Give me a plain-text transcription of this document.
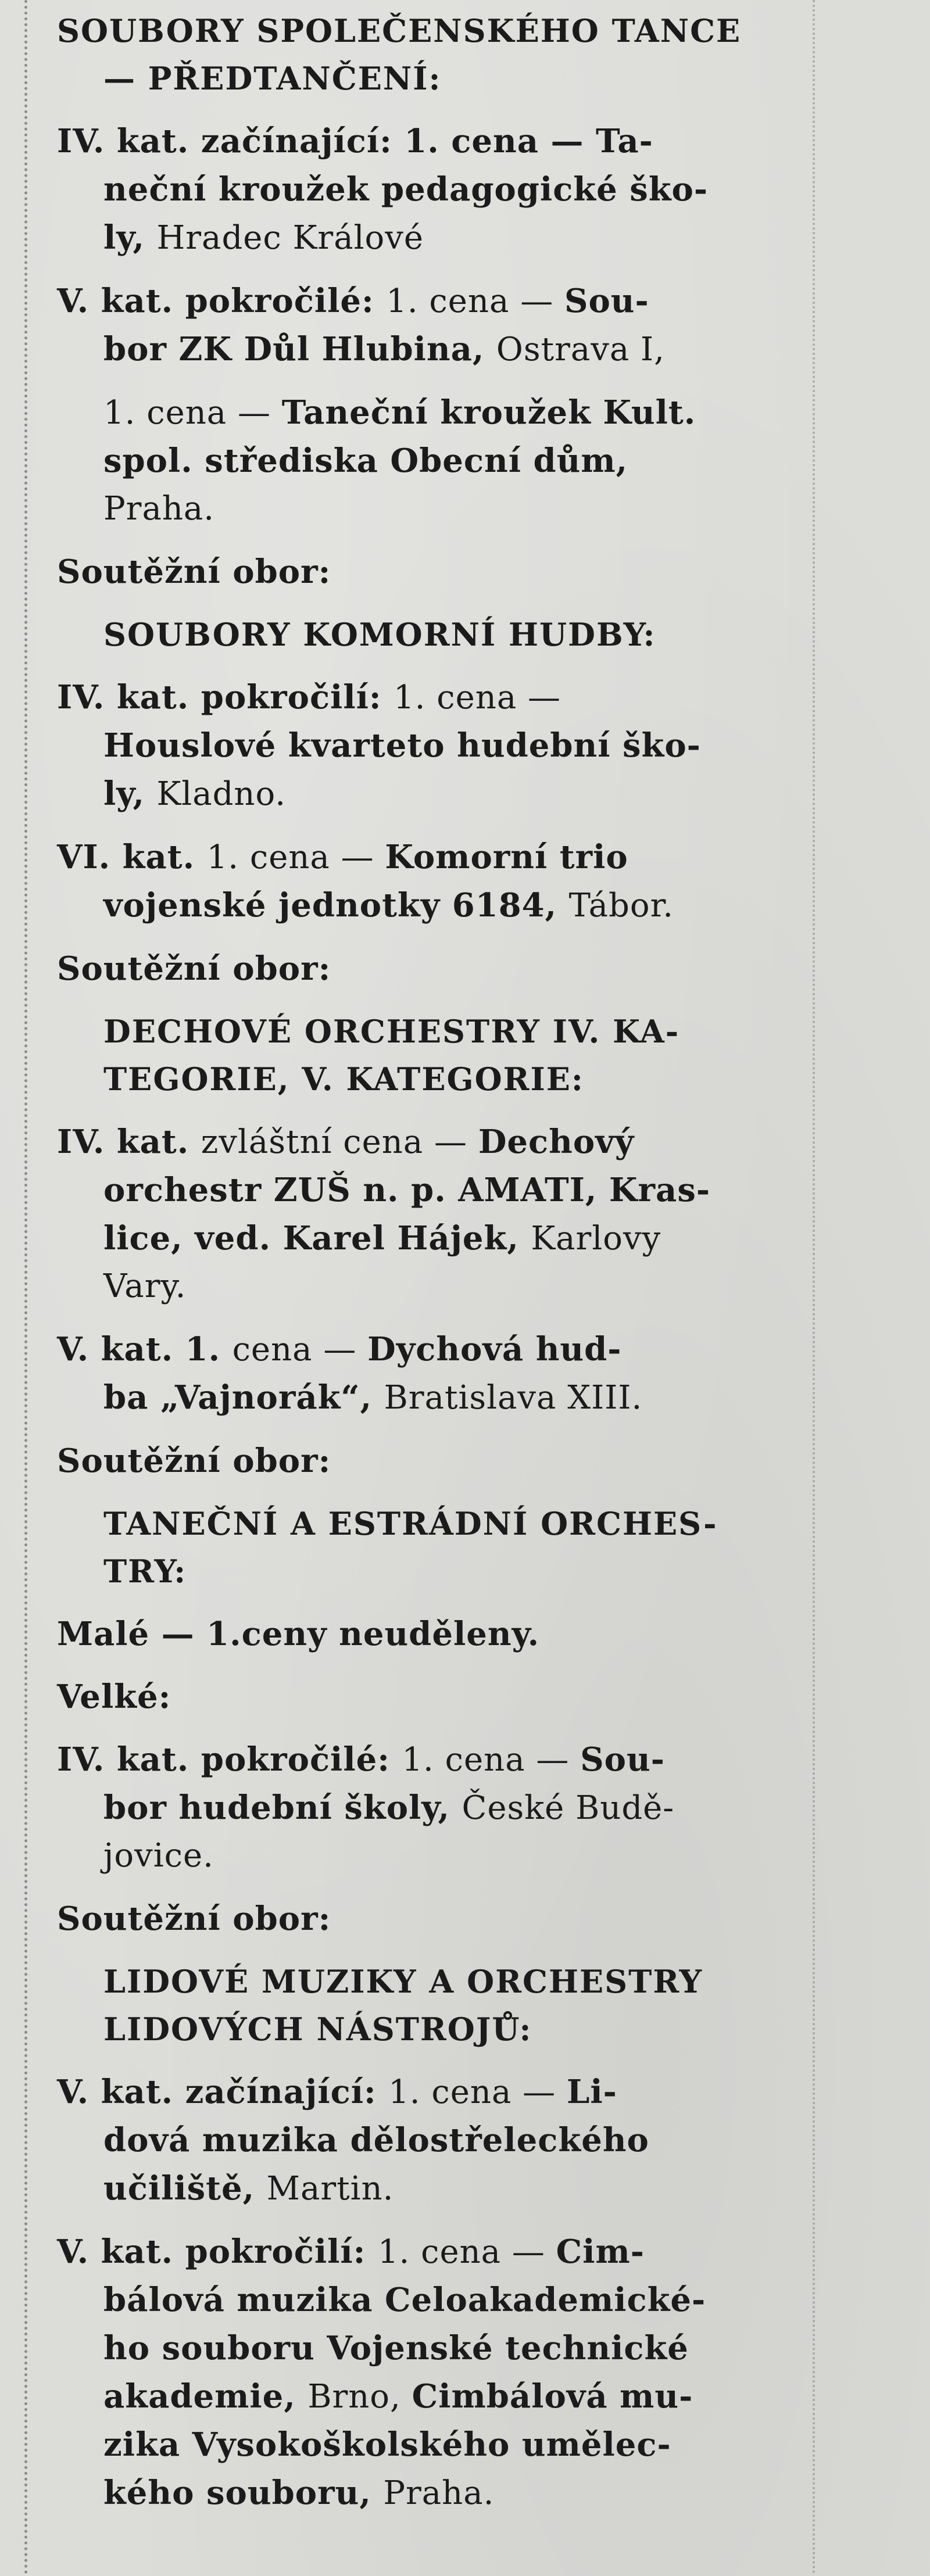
SOUBORY SPOLEČENSKÉHO TANCE
— PŘEDTANČENÍ:
IV. kat. začínající: 1. cena — Ta-
neční kroužek pedagogické ško-
ly, Hradec Králové
V. kat. pokročilé: 1. cena — Sou-
bor ZK Důl Hlubina, Ostrava I,
1. cena — Taneční kroužek Kult.
spol. střediska Obecní dům,
Praha.
Soutěžní obor:
SOUBORY KOMORNÍ HUDBY:
IV. kat. pokročilí: 1. cena —
Houslové kvarteto hudební ško-
ly, Kladno.
VI. kat. 1. cena — Komorní trio
vojenské jednotky 6184, Tábor.
Soutěžní obor:
DECHOVÉ ORCHESTRY IV. KA-
TEGORIE, V. KATEGORIE:
IV. kat. zvláštní cena — Dechový
orchestr ZUŠ n. p. AMATI, Kras-
lice, ved. Karel Hájek, Karlovy
Vary.
V. kat. 1. cena — Dychová hud-
ba „Vajnorák“, Bratislava XIII.
Soutěžní obor:
TANEČNÍ A ESTRÁDNÍ ORCHES-
TRY:
Malé — 1.ceny neuděleny.
Velké:
IV. kat. pokročilé: 1. cena — Sou-
bor hudební školy, České Budě-
jovice.
Soutěžní obor:
LIDOVÉ MUZIKY A ORCHESTRY
LIDOVÝCH NÁSTROJŮ:
V. kat. začínající: 1. cena — Li-
dová muzika dělostřeleckého
učiliště, Martin.
V. kat. pokročilí: 1. cena — Cim-
bálová muzika Celoakademické-
ho souboru Vojenské technické
akademie, Brno, Cimbálová mu-
zika Vysokoškolského umělec-
kého souboru, Praha.
